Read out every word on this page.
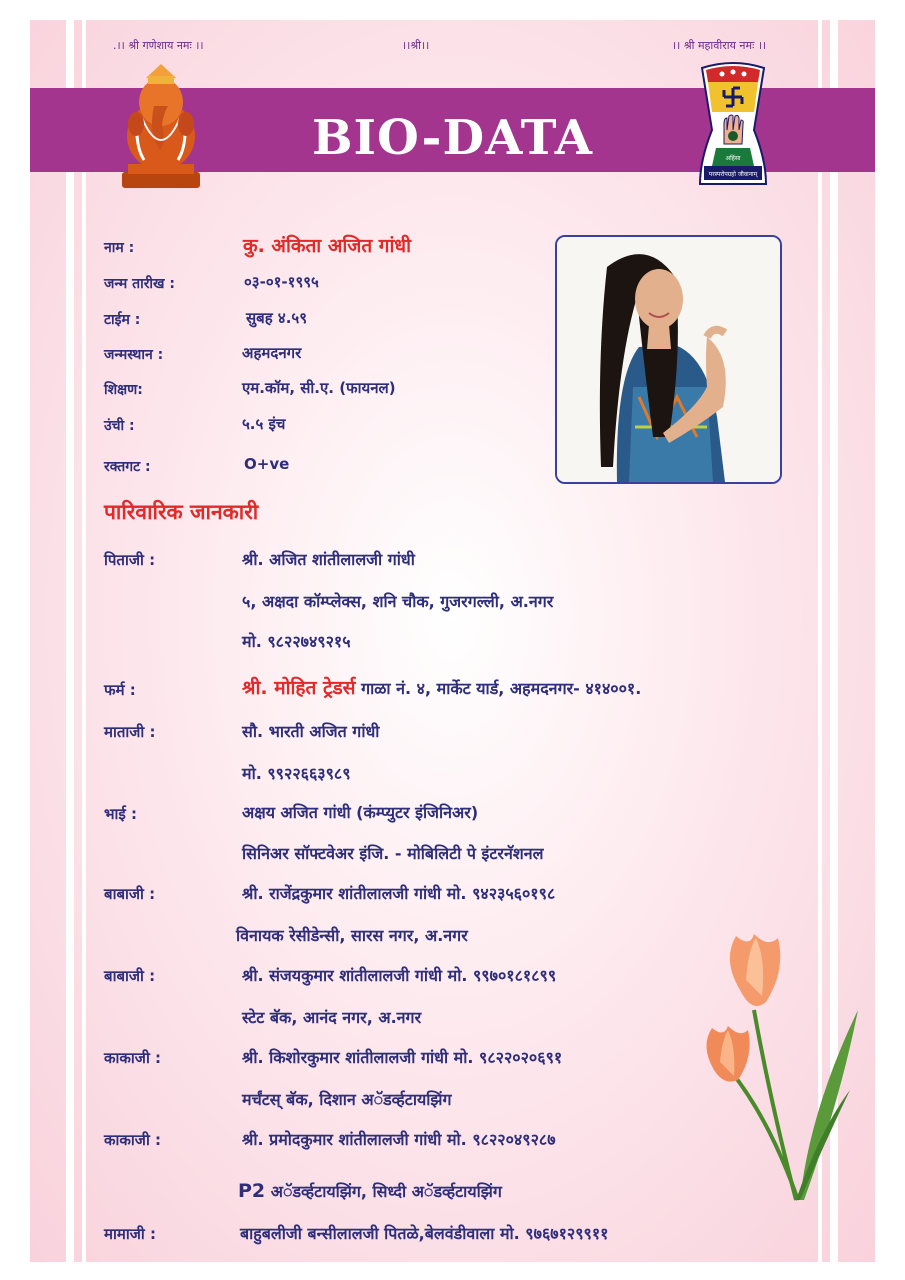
.।। श्री गणेशाय नमः ।।	।।श्री।।	।। श्री महावीराय नमः ।।
BIO-DATA
परस्परोपग्रहो जीवानाम्
अहिंसा
नाम :	कु. अंकिता अजित गांधी
जन्म तारीख :	०३-०१-१९९५
टाईम :	सुबह ४.५९
जन्मस्थान :	अहमदनगर
शिक्षण:	एम.कॉम, सी.ए. (फायनल)
उंची :	५.५ इंच
रक्तगट :	O+ve
पारिवारिक जानकारी
पिताजी :	श्री. अजित शांतीलालजी गांधी
५, अक्षदा कॉम्प्लेक्स, शनि चौक, गुजरगल्ली, अ.नगर
मो. ९८२२७४९२१५
फर्म :	श्री. मोहित ट्रेडर्स गाळा नं. ४, मार्केट यार्ड, अहमदनगर- ४१४००१.
माताजी :	सौ. भारती अजित गांधी
मो. ९९२२६६३९८९
भाई :	अक्षय अजित गांधी (कंम्प्युटर इंजिनिअर)
सिनिअर सॉफ्टवेअर इंजि. - मोबिलिटी पे इंटरनॅशनल
बाबाजी :	श्री. राजेंद्रकुमार शांतीलालजी गांधी मो. ९४२३५६०१९८
विनायक रेसीडेन्सी, सारस नगर, अ.नगर
बाबाजी :	श्री. संजयकुमार शांतीलालजी गांधी मो. ९९७०१८१८९९
स्टेट बॅक, आनंद नगर, अ.नगर
काकाजी :	श्री. किशोरकुमार शांतीलालजी गांधी मो. ९८२२०२०६९१
मर्चंटस् बॅक, दिशान अॅडर्व्हटायझिंग
काकाजी :	श्री. प्रमोदकुमार शांतीलालजी गांधी मो. ९८२२०४९२८७
P2 अॅडर्व्हटायझिंग, सिध्दी अॅडर्व्हटायझिंग
मामाजी :	बाहुबलीजी बन्सीलालजी पितळे,बेलवंडीवाला मो. ९७६७१२९९११
